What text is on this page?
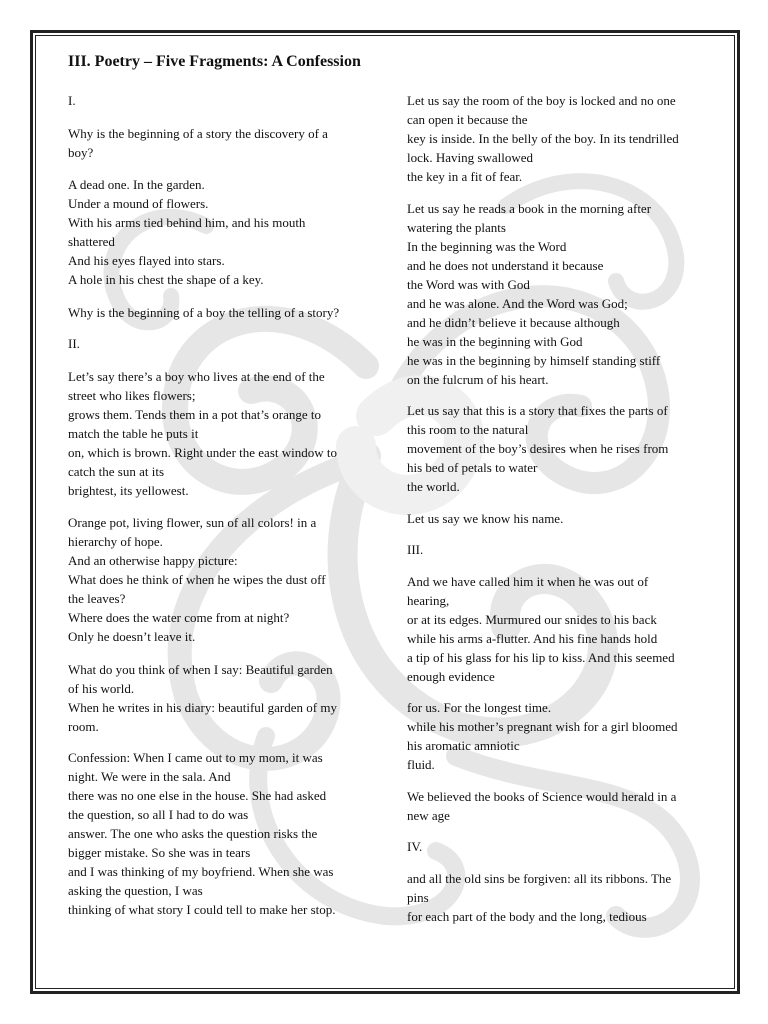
III. Poetry – Five Fragments: A Confession

I.

Why is the beginning of a story the discovery of a
boy?

A dead one. In the garden.
Under a mound of flowers.
With his arms tied behind him, and his mouth
shattered
And his eyes flayed into stars.
A hole in his chest the shape of a key.

Why is the beginning of a boy the telling of a story?

II.

Let’s say there’s a boy who lives at the end of the
street who likes flowers;
grows them. Tends them in a pot that’s orange to
match the table he puts it
on, which is brown. Right under the east window to
catch the sun at its
brightest, its yellowest.

Orange pot, living flower, sun of all colors! in a
hierarchy of hope.
And an otherwise happy picture:
What does he think of when he wipes the dust off
the leaves?
Where does the water come from at night?
Only he doesn’t leave it.

What do you think of when I say: Beautiful garden
of his world.
When he writes in his diary: beautiful garden of my
room.

Confession: When I came out to my mom, it was
night. We were in the sala. And
there was no one else in the house. She had asked
the question, so all I had to do was
answer. The one who asks the question risks the
bigger mistake. So she was in tears
and I was thinking of my boyfriend. When she was
asking the question, I was
thinking of what story I could tell to make her stop.

Let us say the room of the boy is locked and no one
can open it because the
key is inside. In the belly of the boy. In its tendrilled
lock. Having swallowed
the key in a fit of fear.

Let us say he reads a book in the morning after
watering the plants
In the beginning was the Word
and he does not understand it because
the Word was with God
and he was alone. And the Word was God;
and he didn’t believe it because although
he was in the beginning with God
he was in the beginning by himself standing stiff
on the fulcrum of his heart.

Let us say that this is a story that fixes the parts of
this room to the natural
movement of the boy’s desires when he rises from
his bed of petals to water
the world.

Let us say we know his name.

III.

And we have called him it when he was out of
hearing,
or at its edges. Murmured our snides to his back
while his arms a-flutter. And his fine hands hold
a tip of his glass for his lip to kiss. And this seemed
enough evidence

for us. For the longest time.
while his mother’s pregnant wish for a girl bloomed
his aromatic amniotic
fluid.

We believed the books of Science would herald in a
new age

IV.

and all the old sins be forgiven: all its ribbons. The
pins
for each part of the body and the long, tedious
